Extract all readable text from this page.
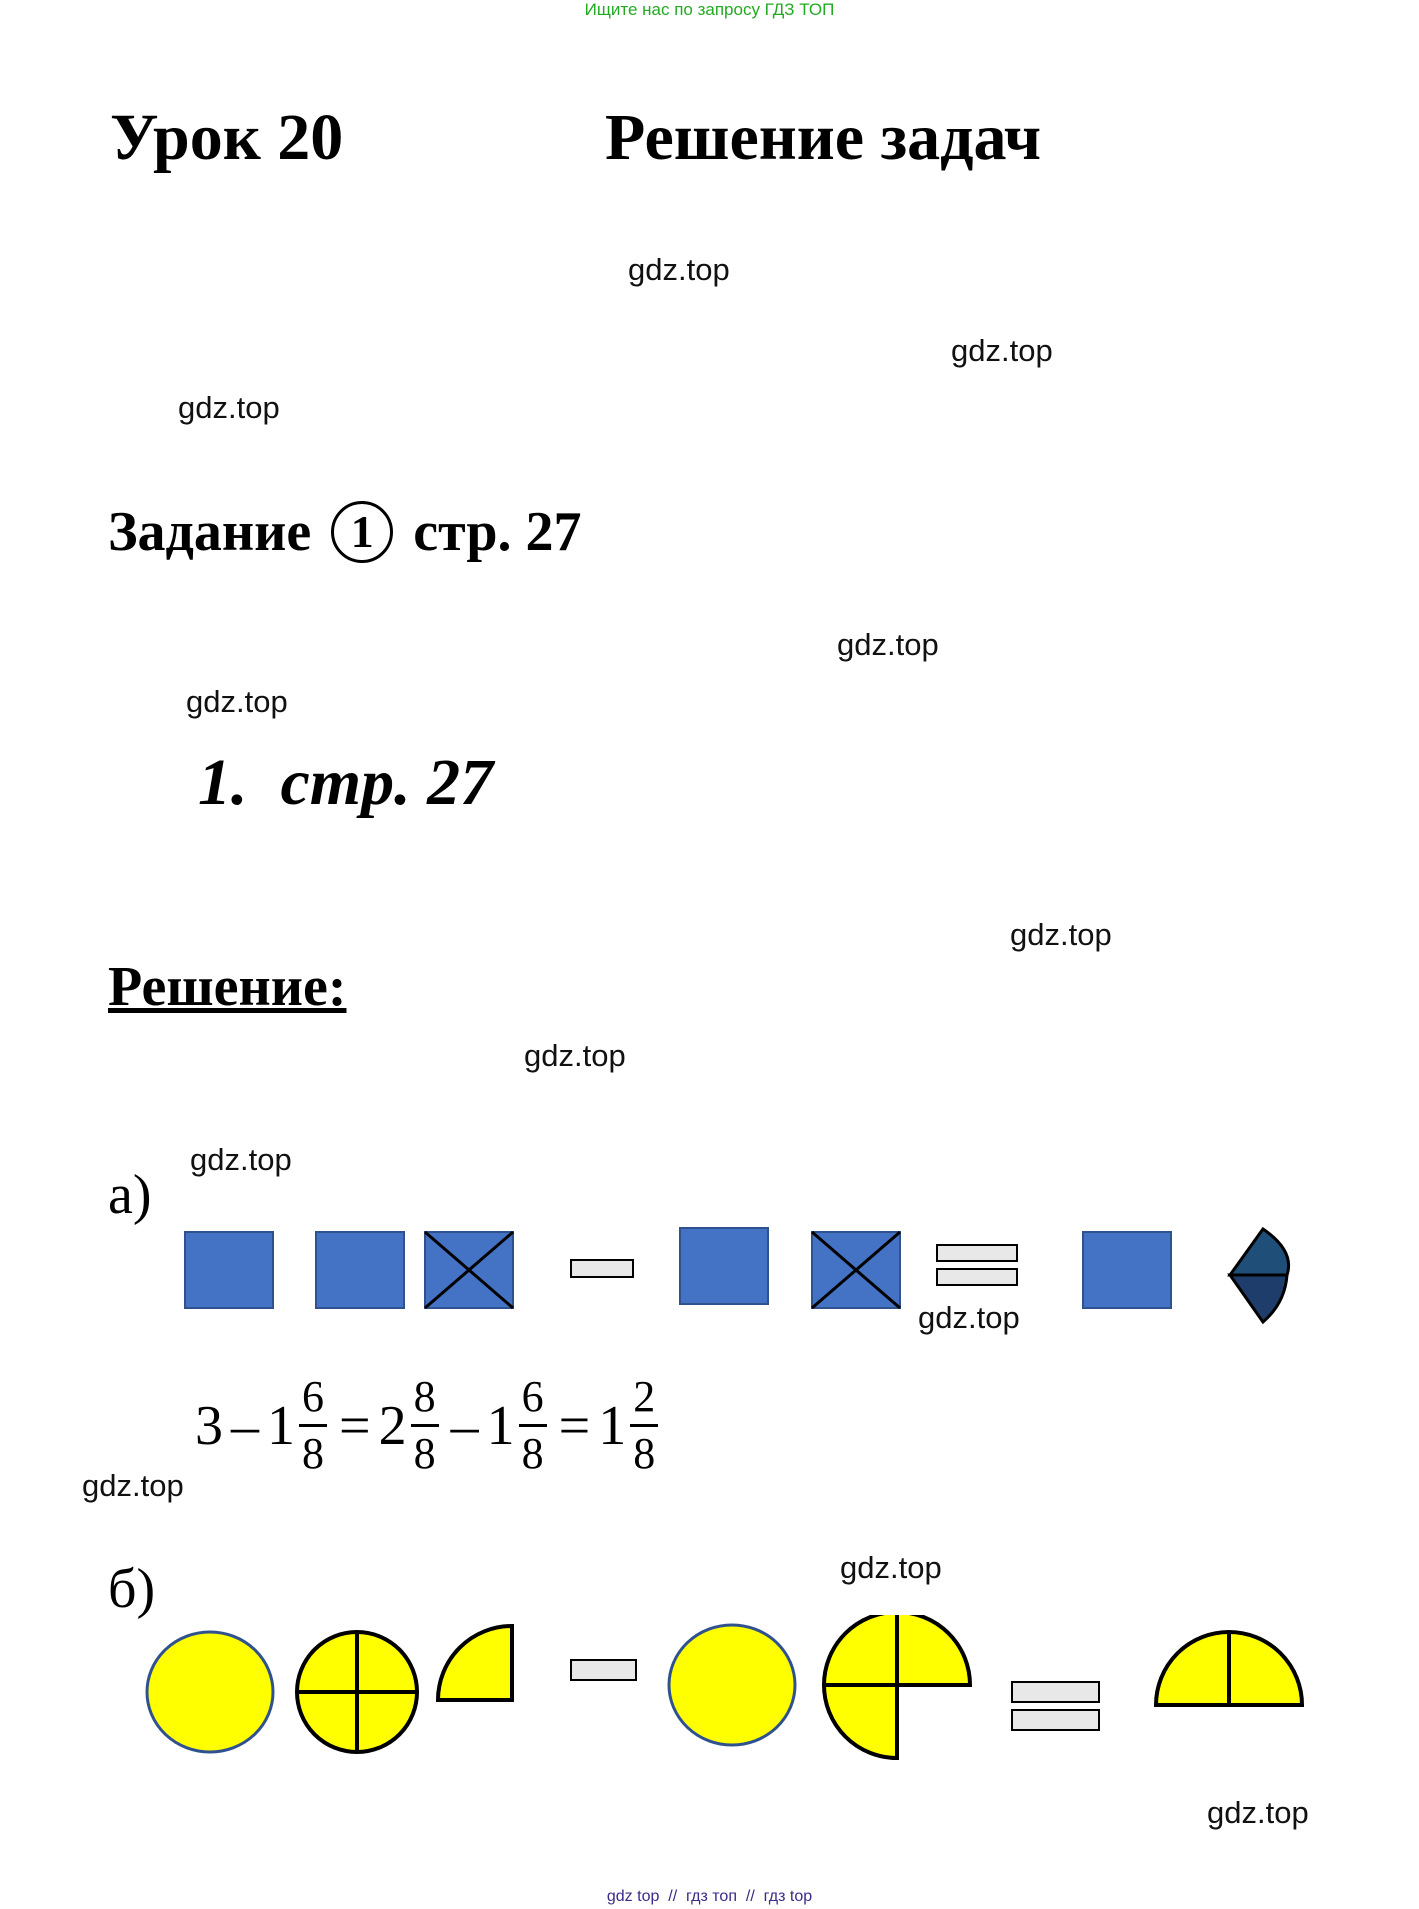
Ищите нас по запросу ГДЗ ТОП
Урок 20	Решение задач
gdz.top
gdz.top
gdz.top
Задание 1 стр. 27
gdz.top
gdz.top
1.  стр. 27
gdz.top
Решение:
gdz.top
gdz.top
а)
gdz.top
$3 - 1 \frac{6}{8} = 2 \frac{8}{8} - 1 \frac{6}{8} = 1 \frac{2}{8}$
gdz.top
gdz.top
б)
gdz.top
gdz top  //  гдз топ  //  гдз top
